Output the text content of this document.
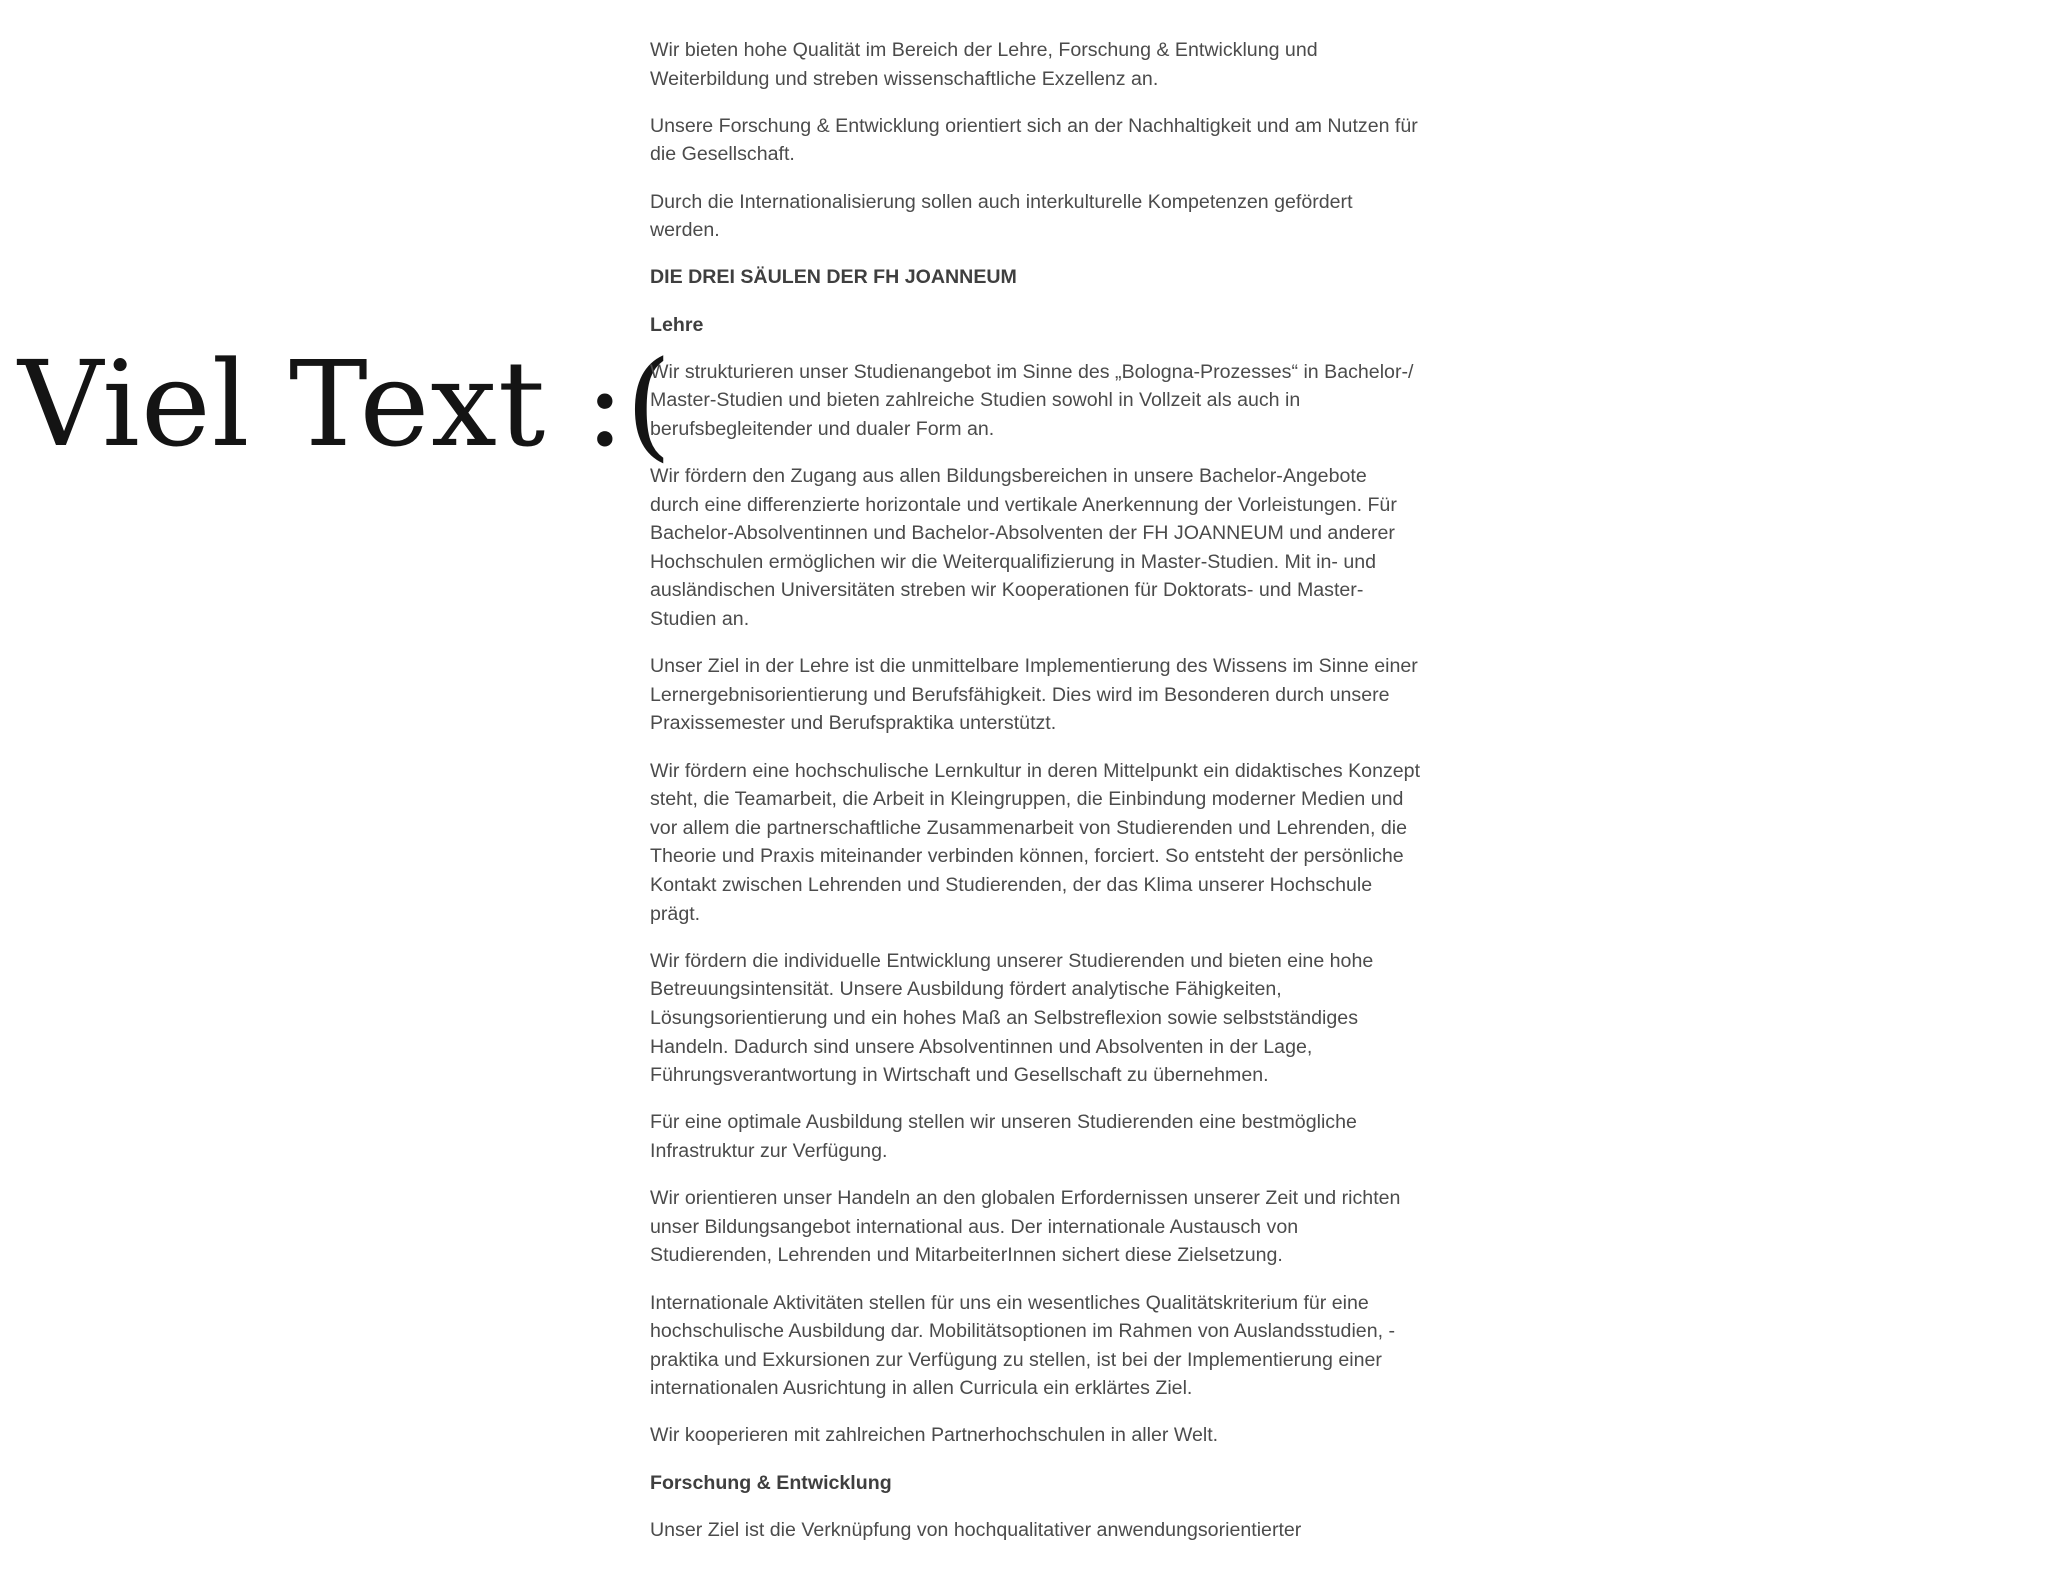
Viel Text :(

Wir bieten hohe Qualität im Bereich der Lehre, Forschung & Entwicklung und Weiterbildung und streben wissenschaftliche Exzellenz an.

Unsere Forschung & Entwicklung orientiert sich an der Nachhaltigkeit und am Nutzen für die Gesellschaft.

Durch die Internationalisierung sollen auch interkulturelle Kompetenzen gefördert werden.

DIE DREI SÄULEN DER FH JOANNEUM

Lehre

Wir strukturieren unser Studienangebot im Sinne des „Bologna-Prozesses“ in Bachelor-/ Master-Studien und bieten zahlreiche Studien sowohl in Vollzeit als auch in berufsbegleitender und dualer Form an.

Wir fördern den Zugang aus allen Bildungsbereichen in unsere Bachelor-Angebote durch eine differenzierte horizontale und vertikale Anerkennung der Vorleistungen. Für Bachelor-Absolventinnen und Bachelor-Absolventen der FH JOANNEUM und anderer Hochschulen ermöglichen wir die Weiterqualifizierung in Master-Studien. Mit in- und ausländischen Universitäten streben wir Kooperationen für Doktorats- und Master-Studien an.

Unser Ziel in der Lehre ist die unmittelbare Implementierung des Wissens im Sinne einer Lernergebnisorientierung und Berufsfähigkeit. Dies wird im Besonderen durch unsere Praxissemester und Berufspraktika unterstützt.

Wir fördern eine hochschulische Lernkultur in deren Mittelpunkt ein didaktisches Konzept steht, die Teamarbeit, die Arbeit in Kleingruppen, die Einbindung moderner Medien und vor allem die partnerschaftliche Zusammenarbeit von Studierenden und Lehrenden, die Theorie und Praxis miteinander verbinden können, forciert. So entsteht der persönliche Kontakt zwischen Lehrenden und Studierenden, der das Klima unserer Hochschule prägt.

Wir fördern die individuelle Entwicklung unserer Studierenden und bieten eine hohe Betreuungsintensität. Unsere Ausbildung fördert analytische Fähigkeiten, Lösungsorientierung und ein hohes Maß an Selbstreflexion sowie selbstständiges Handeln. Dadurch sind unsere Absolventinnen und Absolventen in der Lage, Führungsverantwortung in Wirtschaft und Gesellschaft zu übernehmen.

Für eine optimale Ausbildung stellen wir unseren Studierenden eine bestmögliche Infrastruktur zur Verfügung.

Wir orientieren unser Handeln an den globalen Erfordernissen unserer Zeit und richten unser Bildungsangebot international aus. Der internationale Austausch von Studierenden, Lehrenden und MitarbeiterInnen sichert diese Zielsetzung.

Internationale Aktivitäten stellen für uns ein wesentliches Qualitätskriterium für eine hochschulische Ausbildung dar. Mobilitätsoptionen im Rahmen von Auslandsstudien, -praktika und Exkursionen zur Verfügung zu stellen, ist bei der Implementierung einer internationalen Ausrichtung in allen Curricula ein erklärtes Ziel.

Wir kooperieren mit zahlreichen Partnerhochschulen in aller Welt.

Forschung & Entwicklung

Unser Ziel ist die Verknüpfung von hochqualitativer anwendungsorientierter
